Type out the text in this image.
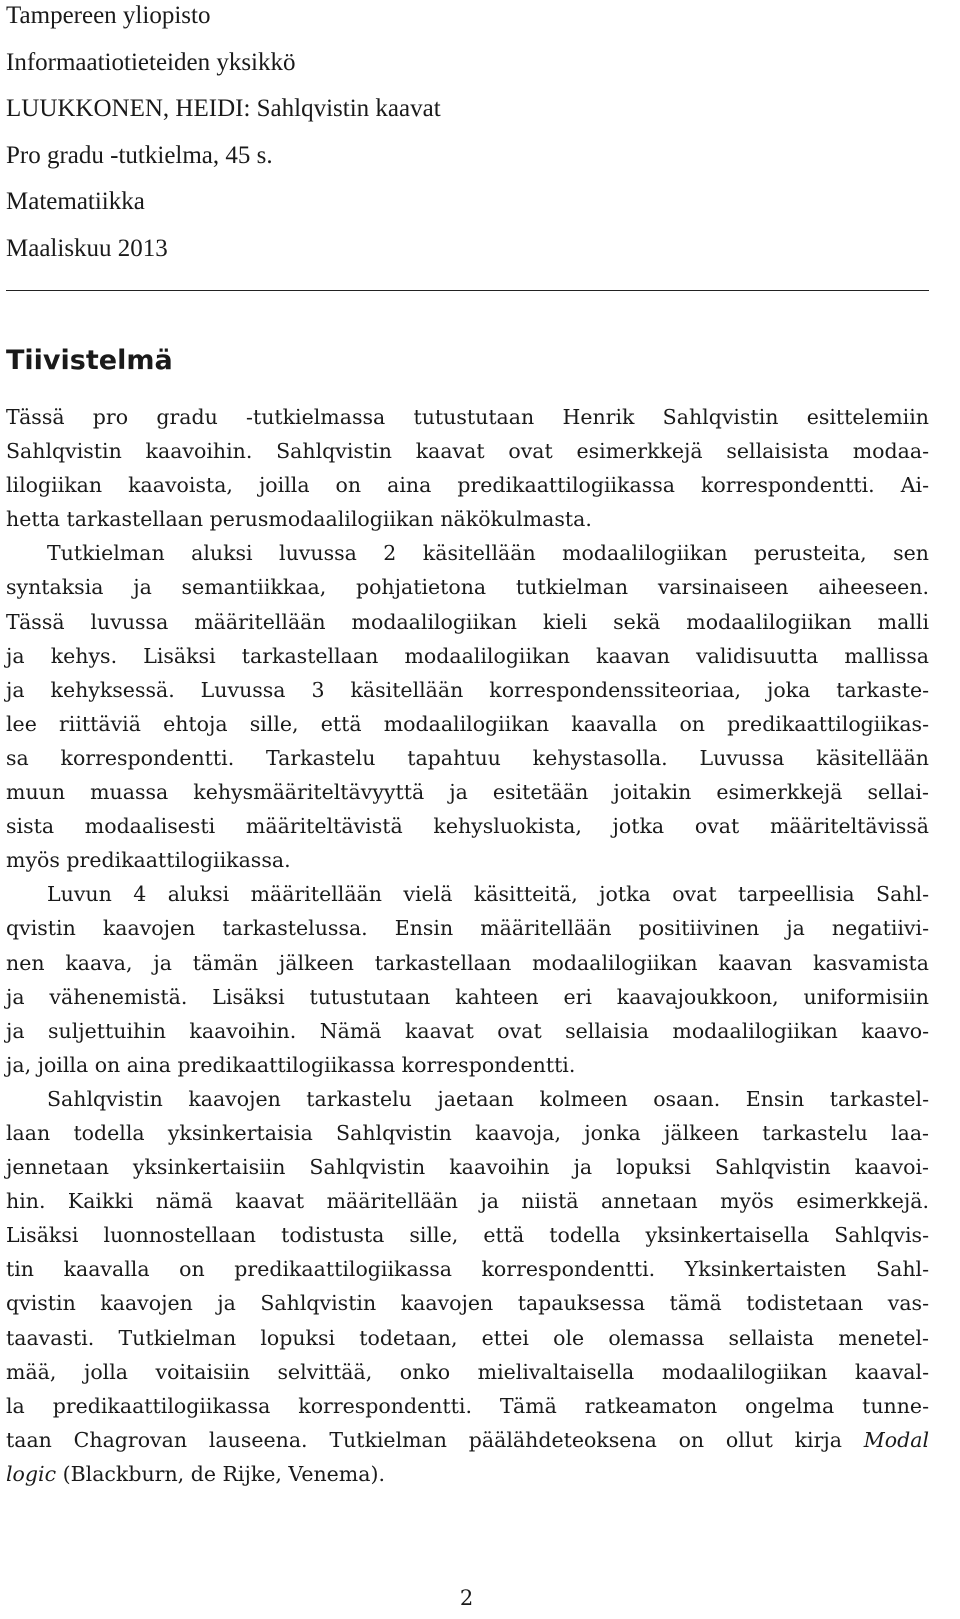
Tampereen yliopisto
Informaatiotieteiden yksikkö
LUUKKONEN, HEIDI: Sahlqvistin kaavat
Pro gradu -tutkielma, 45 s.
Matematiikka
Maaliskuu 2013
Tiivistelmä
Tässä pro gradu -tutkielmassa tutustutaan Henrik Sahlqvistin esittelemiin
Sahlqvistin kaavoihin. Sahlqvistin kaavat ovat esimerkkejä sellaisista modaa-
lilogiikan kaavoista, joilla on aina predikaattilogiikassa korrespondentti. Ai-
hetta tarkastellaan perusmodaalilogiikan näkökulmasta.
Tutkielman aluksi luvussa 2 käsitellään modaalilogiikan perusteita, sen
syntaksia ja semantiikkaa, pohjatietona tutkielman varsinaiseen aiheeseen.
Tässä luvussa määritellään modaalilogiikan kieli sekä modaalilogiikan malli
ja kehys. Lisäksi tarkastellaan modaalilogiikan kaavan validisuutta mallissa
ja kehyksessä. Luvussa 3 käsitellään korrespondenssiteoriaa, joka tarkaste-
lee riittäviä ehtoja sille, että modaalilogiikan kaavalla on predikaattilogiikas-
sa korrespondentti. Tarkastelu tapahtuu kehystasolla. Luvussa käsitellään
muun muassa kehysmääriteltävyyttä ja esitetään joitakin esimerkkejä sellai-
sista modaalisesti määriteltävistä kehysluokista, jotka ovat määriteltävissä
myös predikaattilogiikassa.
Luvun 4 aluksi määritellään vielä käsitteitä, jotka ovat tarpeellisia Sahl-
qvistin kaavojen tarkastelussa. Ensin määritellään positiivinen ja negatiivi-
nen kaava, ja tämän jälkeen tarkastellaan modaalilogiikan kaavan kasvamista
ja vähenemistä. Lisäksi tutustutaan kahteen eri kaavajoukkoon, uniformisiin
ja suljettuihin kaavoihin. Nämä kaavat ovat sellaisia modaalilogiikan kaavo-
ja, joilla on aina predikaattilogiikassa korrespondentti.
Sahlqvistin kaavojen tarkastelu jaetaan kolmeen osaan. Ensin tarkastel-
laan todella yksinkertaisia Sahlqvistin kaavoja, jonka jälkeen tarkastelu laa-
jennetaan yksinkertaisiin Sahlqvistin kaavoihin ja lopuksi Sahlqvistin kaavoi-
hin. Kaikki nämä kaavat määritellään ja niistä annetaan myös esimerkkejä.
Lisäksi luonnostellaan todistusta sille, että todella yksinkertaisella Sahlqvis-
tin kaavalla on predikaattilogiikassa korrespondentti. Yksinkertaisten Sahl-
qvistin kaavojen ja Sahlqvistin kaavojen tapauksessa tämä todistetaan vas-
taavasti. Tutkielman lopuksi todetaan, ettei ole olemassa sellaista menetel-
mää, jolla voitaisiin selvittää, onko mielivaltaisella modaalilogiikan kaaval-
la predikaattilogiikassa korrespondentti. Tämä ratkeamaton ongelma tunne-
taan Chagrovan lauseena. Tutkielman päälähdeteoksena on ollut kirja Modal
logic (Blackburn, de Rijke, Venema).
2
